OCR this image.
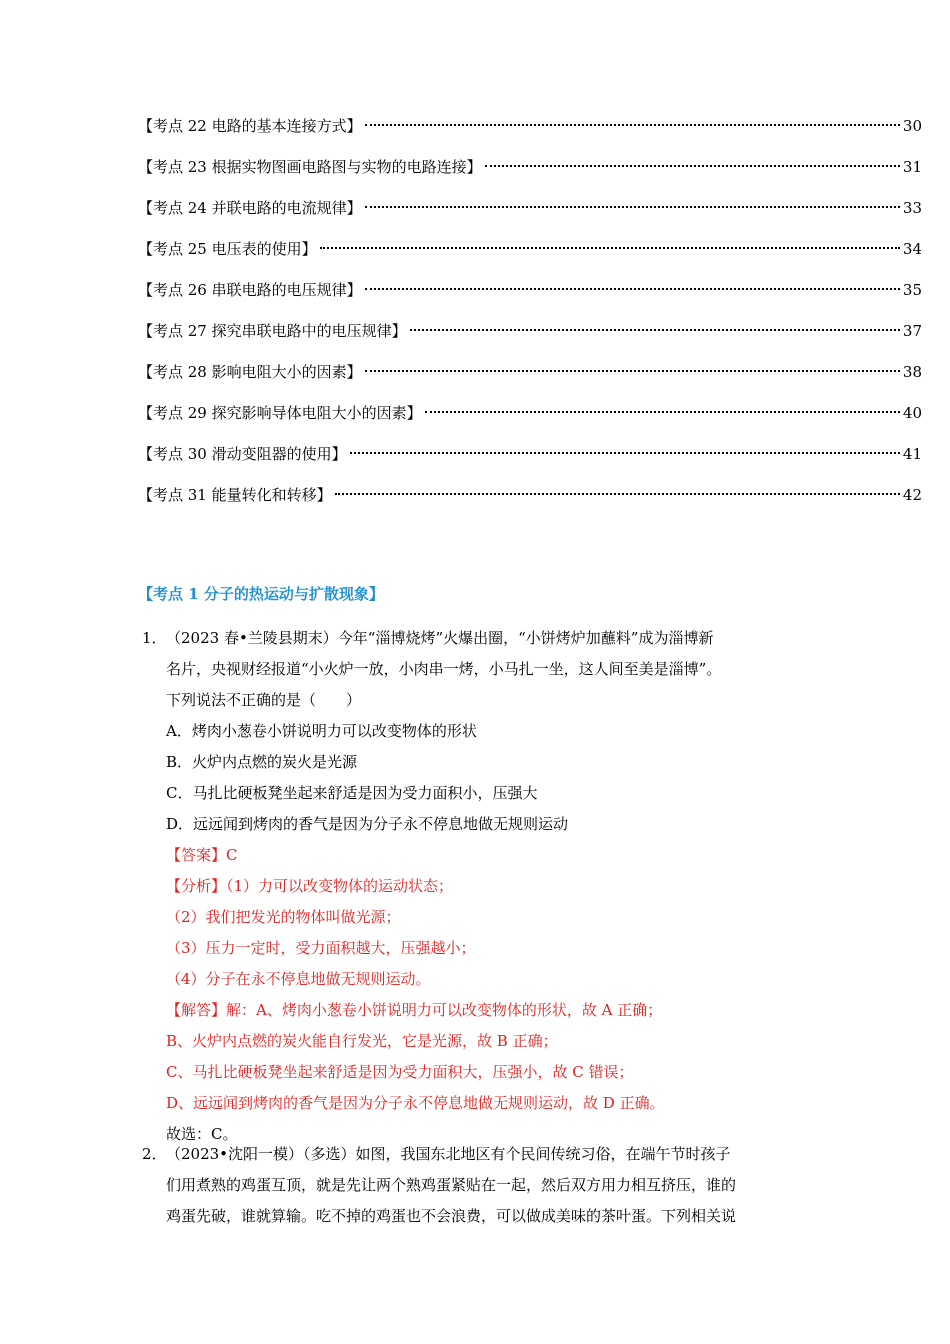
【考点 22 电路的基本连接方式】	30
【考点 23 根据实物图画电路图与实物的电路连接】	31
【考点 24 并联电路的电流规律】	33
【考点 25 电压表的使用】	34
【考点 26 串联电路的电压规律】	35
【考点 27 探究串联电路中的电压规律】	37
【考点 28 影响电阻大小的因素】	38
【考点 29 探究影响导体电阻大小的因素】	40
【考点 30 滑动变阻器的使用】	41
【考点 31 能量转化和转移】	42
【考点 1 分子的热运动与扩散现象】
1．（2023 春•兰陵县期末）今年“淄博烧烤”火爆出圈，“小饼烤炉加蘸料”成为淄博新
名片，央视财经报道“小火炉一放，小肉串一烤，小马扎一坐，这人间至美是淄博”。
下列说法不正确的是（　　）
A．烤肉小葱卷小饼说明力可以改变物体的形状
B．火炉内点燃的炭火是光源
C．马扎比硬板凳坐起来舒适是因为受力面积小，压强大
D．远远闻到烤肉的香气是因为分子永不停息地做无规则运动
【答案】C
【分析】（1）力可以改变物体的运动状态；
（2）我们把发光的物体叫做光源；
（3）压力一定时，受力面积越大，压强越小；
（4）分子在永不停息地做无规则运动。
【解答】解：A、烤肉小葱卷小饼说明力可以改变物体的形状，故 A 正确；
B、火炉内点燃的炭火能自行发光，它是光源，故 B 正确；
C、马扎比硬板凳坐起来舒适是因为受力面积大，压强小，故 C 错误；
D、远远闻到烤肉的香气是因为分子永不停息地做无规则运动，故 D 正确。
故选：C。
2．（2023•沈阳一模）（多选）如图，我国东北地区有个民间传统习俗，在端午节时孩子
们用煮熟的鸡蛋互顶，就是先让两个熟鸡蛋紧贴在一起，然后双方用力相互挤压，谁的
鸡蛋先破，谁就算输。吃不掉的鸡蛋也不会浪费，可以做成美味的茶叶蛋。下列相关说
